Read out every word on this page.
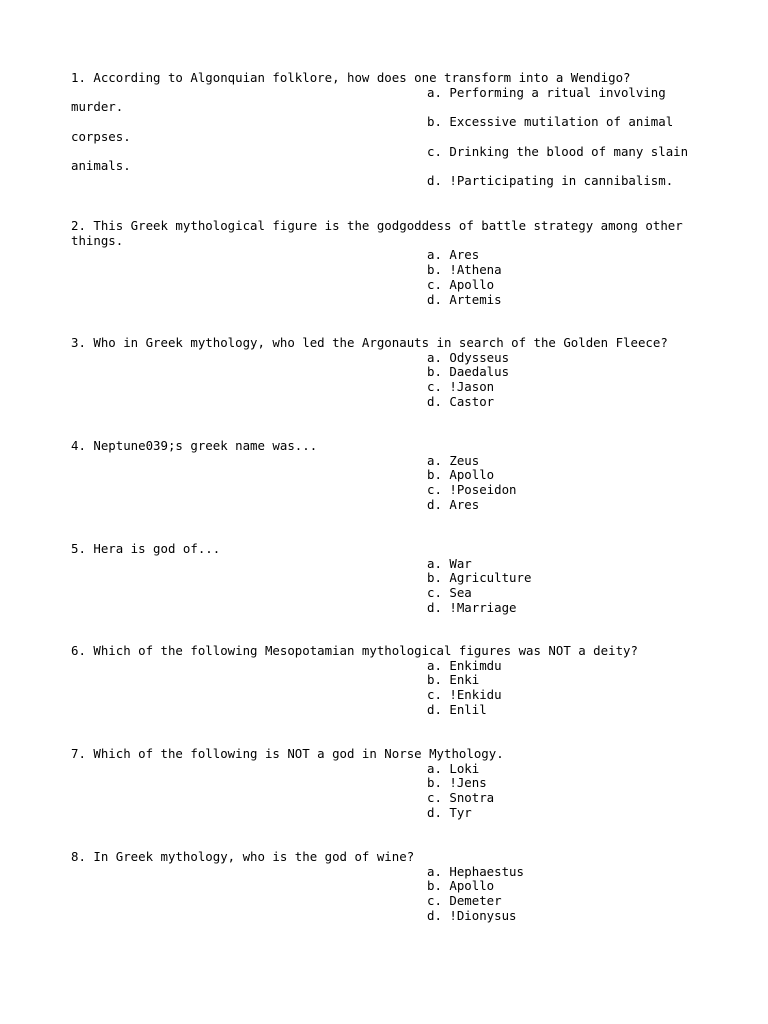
1. According to Algonquian folklore, how does one transform into a Wendigo?

a. Performing a ritual involving murder.
b. Excessive mutilation of animal corpses.
c. Drinking the blood of many slain animals.
d. !Participating in cannibalism.

2. This Greek mythological figure is the godgoddess of battle strategy among other things.

a. Ares
b. !Athena
c. Apollo
d. Artemis

3. Who in Greek mythology, who led the Argonauts in search of the Golden Fleece?

a. Odysseus
b. Daedalus
c. !Jason
d. Castor

4. Neptune039;s greek name was...

a. Zeus
b. Apollo
c. !Poseidon
d. Ares

5. Hera is god of...

a. War
b. Agriculture
c. Sea
d. !Marriage

6. Which of the following Mesopotamian mythological figures was NOT a deity?

a. Enkimdu
b. Enki
c. !Enkidu
d. Enlil

7. Which of the following is NOT a god in Norse Mythology.

a. Loki
b. !Jens
c. Snotra
d. Tyr

8. In Greek mythology, who is the god of wine?

a. Hephaestus
b. Apollo
c. Demeter
d. !Dionysus
